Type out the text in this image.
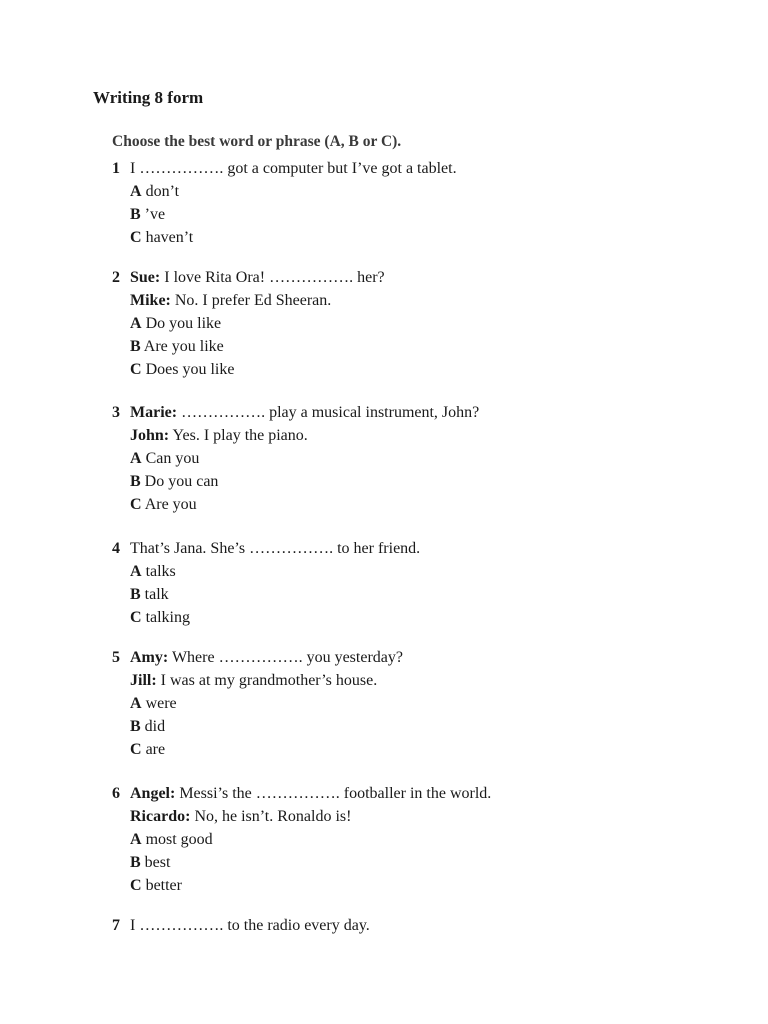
Writing 8 form
Choose the best word or phrase (A, B or C).
1 I ……………. got a computer but I’ve got a tablet.
A don’t
B ’ve
C haven’t
2 Sue: I love Rita Ora! ……………. her?
Mike: No. I prefer Ed Sheeran.
A Do you like
B Are you like
C Does you like
3 Marie: ……………. play a musical instrument, John?
John: Yes. I play the piano.
A Can you
B Do you can
C Are you
4 That’s Jana. She’s ……………. to her friend.
A talks
B talk
C talking
5 Amy: Where ……………. you yesterday?
Jill: I was at my grandmother’s house.
A were
B did
C are
6 Angel: Messi’s the ……………. footballer in the world.
Ricardo: No, he isn’t. Ronaldo is!
A most good
B best
C better
7 I ……………. to the radio every day.
